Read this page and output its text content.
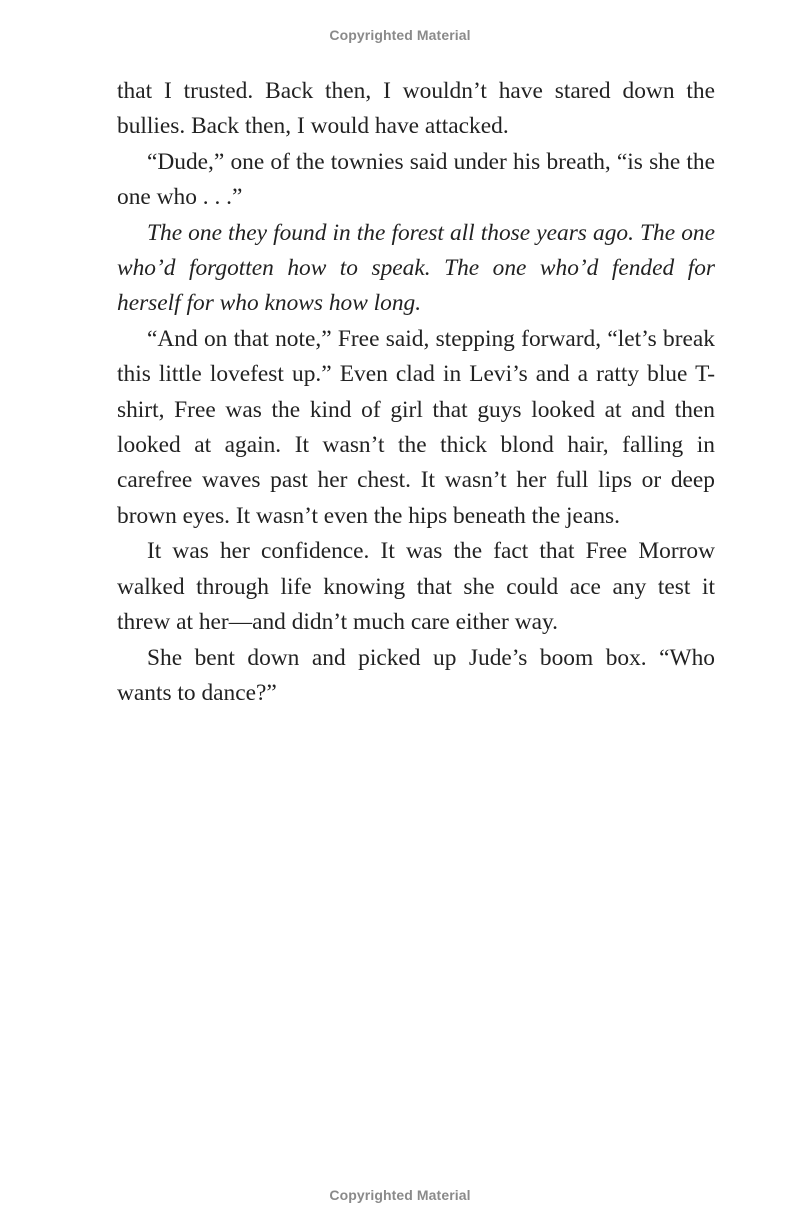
Copyrighted Material

that I trusted. Back then, I wouldn’t have stared down the bullies. Back then, I would have attacked.

“Dude,” one of the townies said under his breath, “is she the one who . . .”

The one they found in the forest all those years ago. The one who’d forgotten how to speak. The one who’d fended for herself for who knows how long.

“And on that note,” Free said, stepping forward, “let’s break this little lovefest up.” Even clad in Levi’s and a ratty blue T-shirt, Free was the kind of girl that guys looked at and then looked at again. It wasn’t the thick blond hair, falling in carefree waves past her chest. It wasn’t her full lips or deep brown eyes. It wasn’t even the hips beneath the jeans.

It was her confidence. It was the fact that Free Morrow walked through life knowing that she could ace any test it threw at her—and didn’t much care either way.

She bent down and picked up Jude’s boom box. “Who wants to dance?”

Copyrighted Material
